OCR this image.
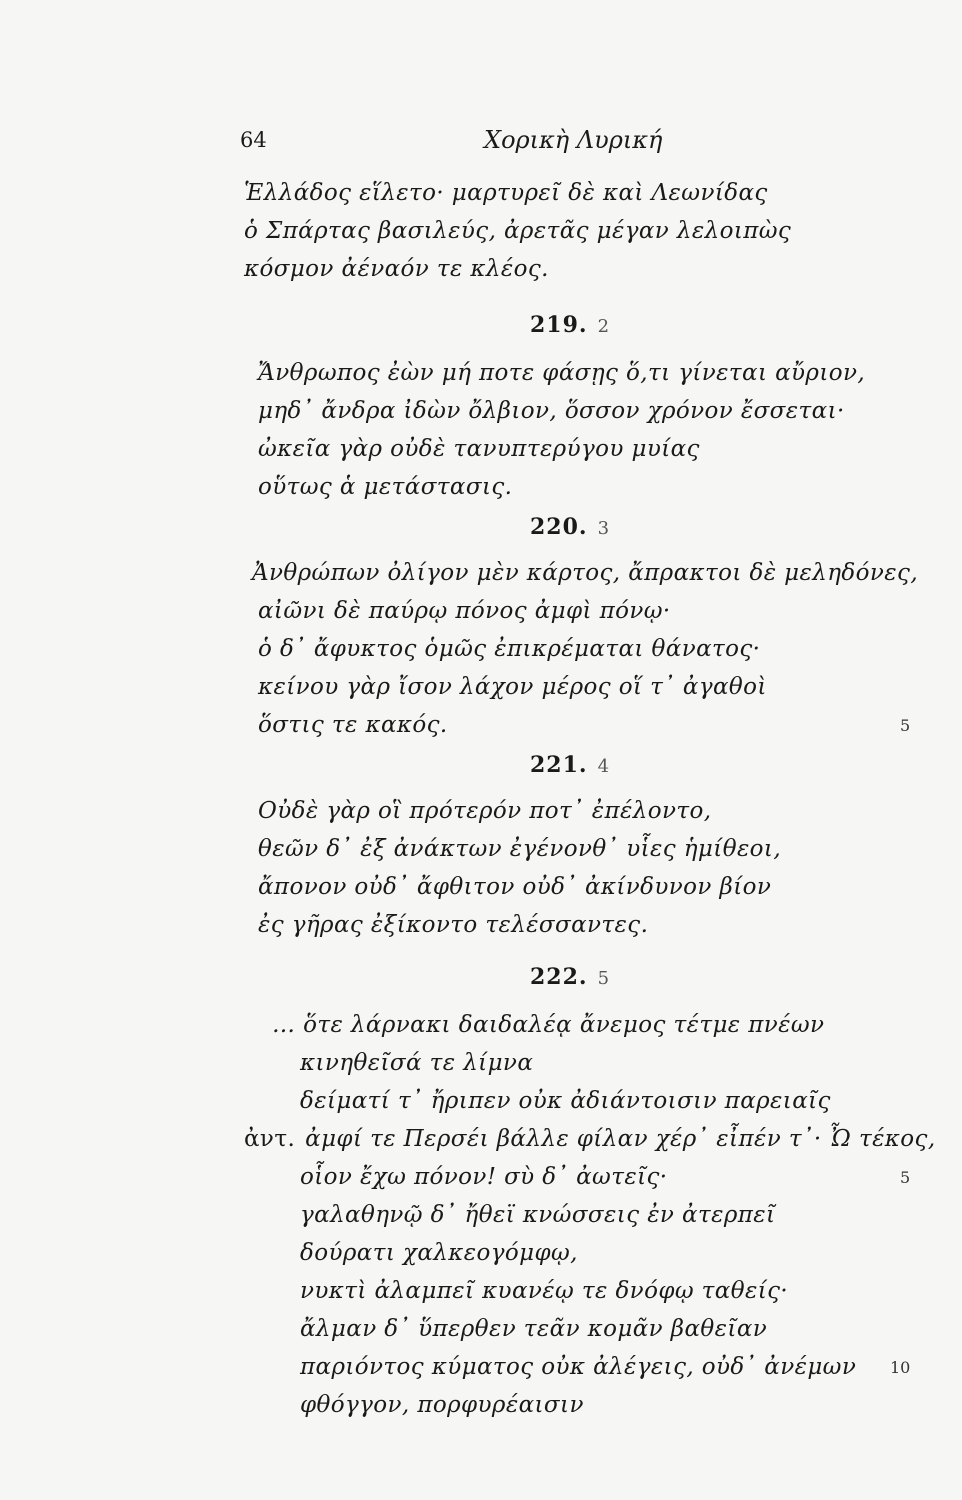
64	Χορικὴ Λυρική
Ἑλλάδος εἵλετο· μαρτυρεῖ δὲ καὶ Λεωνίδας
ὁ Σπάρτας βασιλεύς, ἀρετᾶς μέγαν λελοιπὼς
κόσμον ἀέναόν τε κλέος.
219. 2
Ἄνθρωπος ἐὼν μή ποτε φάσῃς ὅ,τι γίνεται αὔριον,
μηδ᾽ ἄνδρα ἰδὼν ὄλβιον, ὅσσον χρόνον ἔσσεται·
ὠκεῖα γὰρ οὐδὲ τανυπτερύγου μυίας
οὕτως ἁ μετάστασις.
220. 3
Ἀνθρώπων ὀλίγον μὲν κάρτος, ἄπρακτοι δὲ μεληδόνες,
αἰῶνι δὲ παύρῳ πόνος ἀμφὶ πόνῳ·
ὁ δ᾽ ἄφυκτος ὁμῶς ἐπικρέμαται θάνατος·
κείνου γὰρ ἴσον λάχον μέρος οἵ τ᾽ ἀγαθοὶ
ὅστις τε κακός.	5
221. 4
Οὐδὲ γὰρ οἳ πρότερόν ποτ᾽ ἐπέλοντο,
θεῶν δ᾽ ἐξ ἀνάκτων ἐγένονθ᾽ υἷες ἡμίθεοι,
ἄπονον οὐδ᾽ ἄφθιτον οὐδ᾽ ἀκίνδυνον βίον
ἐς γῆρας ἐξίκοντο τελέσσαντες.
222. 5
… ὅτε λάρνακι δαιδαλέᾳ ἄνεμος τέτμε πνέων
κινηθεῖσά τε λίμνα
δείματί τ᾽ ἤριπεν οὐκ ἀδιάντοισιν παρειαῖς
ἀντ. ἀμφί τε Περσέι βάλλε φίλαν χέρ᾽ εἶπέν τ᾽· Ὦ τέκος,
οἷον ἔχω πόνον! σὺ δ᾽ ἀωτεῖς·	5
γαλαθηνῷ δ᾽ ἤθεϊ κνώσσεις ἐν ἀτερπεῖ
δούρατι χαλκεογόμφῳ,
νυκτὶ ἀλαμπεῖ κυανέῳ τε δνόφῳ ταθείς·
ἄλμαν δ᾽ ὕπερθεν τεᾶν κομᾶν βαθεῖαν
παριόντος κύματος οὐκ ἀλέγεις, οὐδ᾽ ἀνέμων 10
φθόγγον, πορφυρέαισιν
